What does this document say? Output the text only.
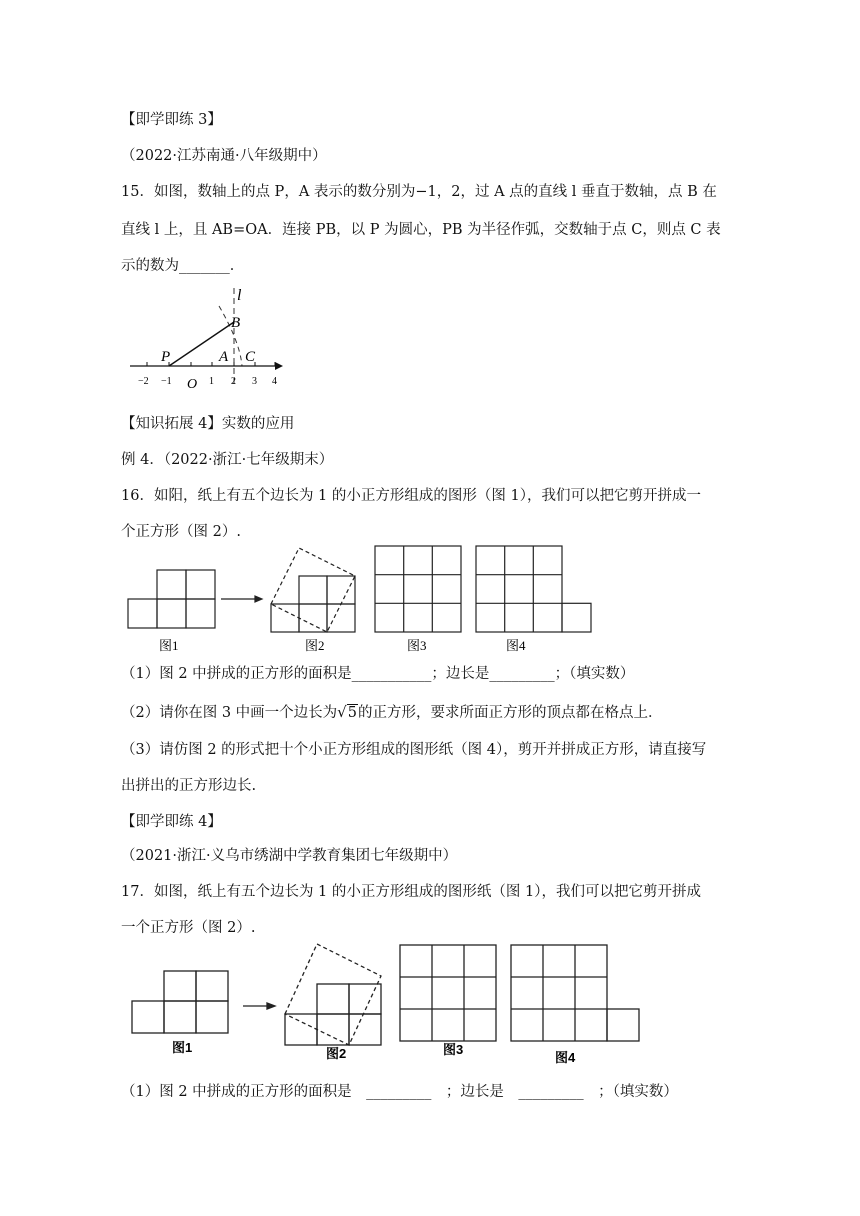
【即学即练 3】
（2022·江苏南通·八年级期中）
15．如图，数轴上的点 P，A 表示的数分别为−1，2，过 A 点的直线 l 垂直于数轴，点 B 在
直线 l 上，且 AB=OA．连接 PB，以 P 为圆心，PB 为半径作弧，交数轴于点 C，则点 C 表
示的数为_______．
l
B
P	A C
O
−2 −1	1 2 3 4
【知识拓展 4】实数的应用
例 4．（2022·浙江·七年级期末）
16．如阳，纸上有五个边长为 1 的小正方形组成的图形（图 1），我们可以把它剪开拼成一
个正方形（图 2）.
图1	图2	图3	图4
（1）图 2 中拼成的正方形的面积是___________；边长是_________；（填实数）
（2）请你在图 3 中画一个边长为√5的正方形，要求所面正方形的顶点都在格点上．
（3）请仿图 2 的形式把十个小正方形组成的图形纸（图 4），剪开并拼成正方形，请直接写
出拼出的正方形边长.
【即学即练 4】
（2021·浙江·义乌市绣湖中学教育集团七年级期中）
17．如图，纸上有五个边长为 1 的小正方形组成的图形纸（图 1），我们可以把它剪开拼成
一个正方形（图 2）.
图1	图2	图3
图4
（1）图 2 中拼成的正方形的面积是　_________　；边长是　_________　；（填实数）
